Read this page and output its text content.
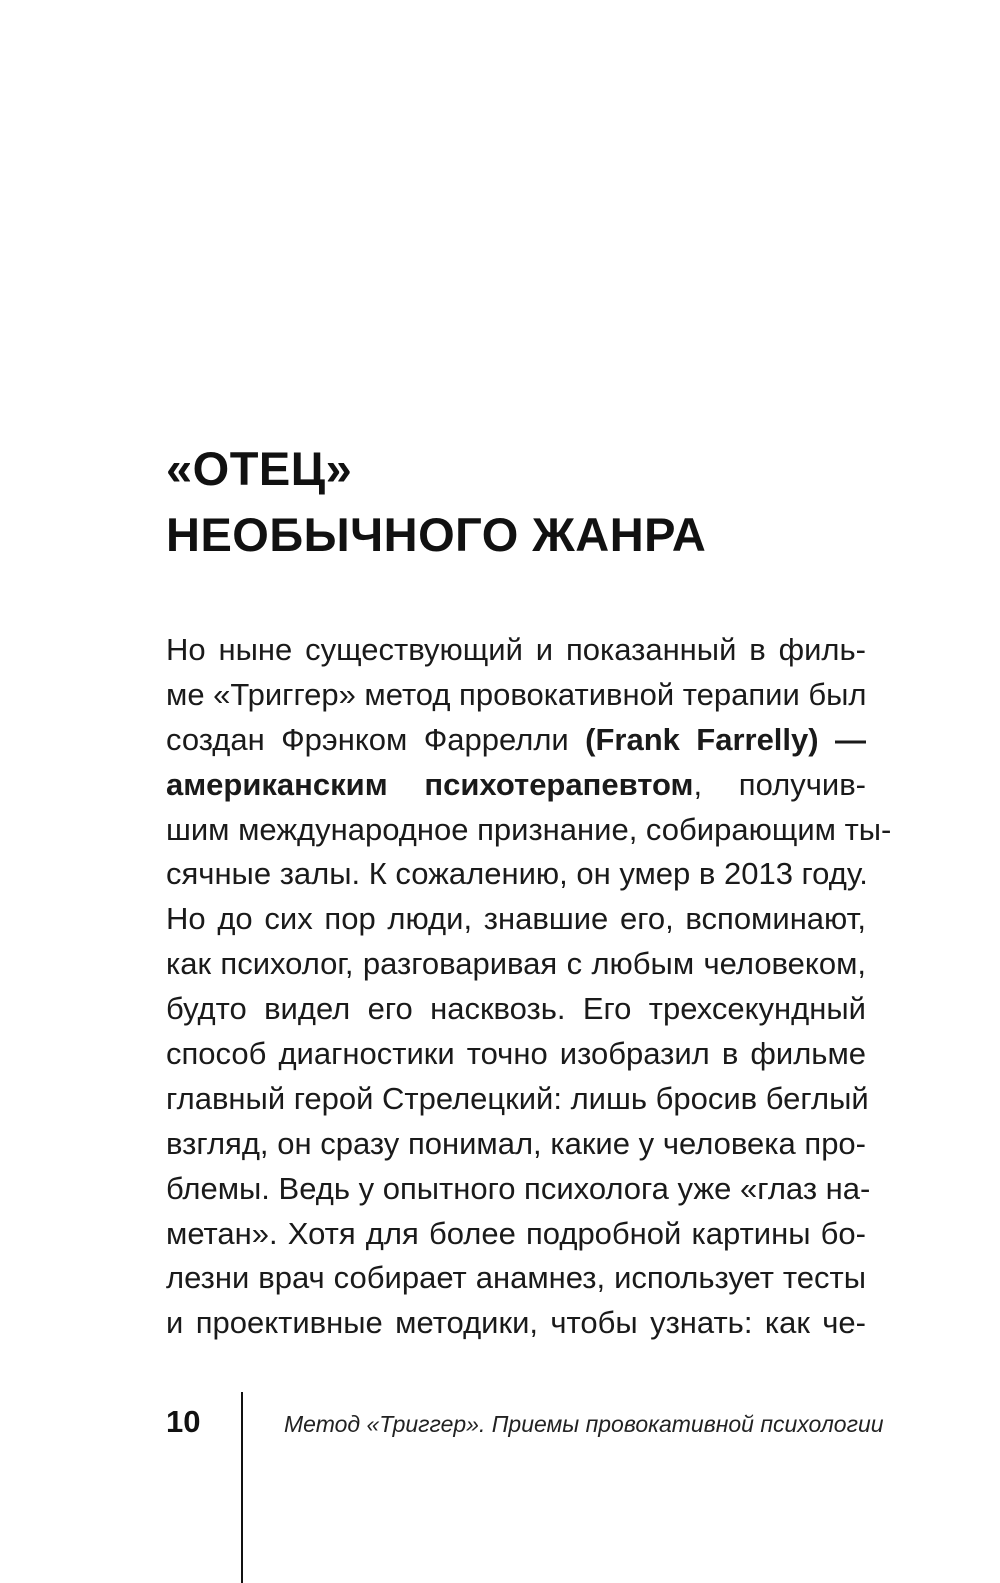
«ОТЕЦ»
НЕОБЫЧНОГО ЖАНРА
Но ныне существующий и показанный в филь-
ме «Триггер» метод провокативной терапии был
создан Фрэнком Фаррелли (Frank Farrelly) —
американским психотерапевтом, получив-
шим международное признание, собирающим ты-
сячные залы. К сожалению, он умер в 2013 году.
Но до сих пор люди, знавшие его, вспоминают,
как психолог, разговаривая с любым человеком,
будто видел его насквозь. Его трехсекундный
способ диагностики точно изобразил в фильме
главный герой Стрелецкий: лишь бросив беглый
взгляд, он сразу понимал, какие у человека про-
блемы. Ведь у опытного психолога уже «глаз на-
метан». Хотя для более подробной картины бо-
лезни врач собирает анамнез, использует тесты
и проективные методики, чтобы узнать: как че-
10	Метод «Триггер». Приемы провокативной психологии
